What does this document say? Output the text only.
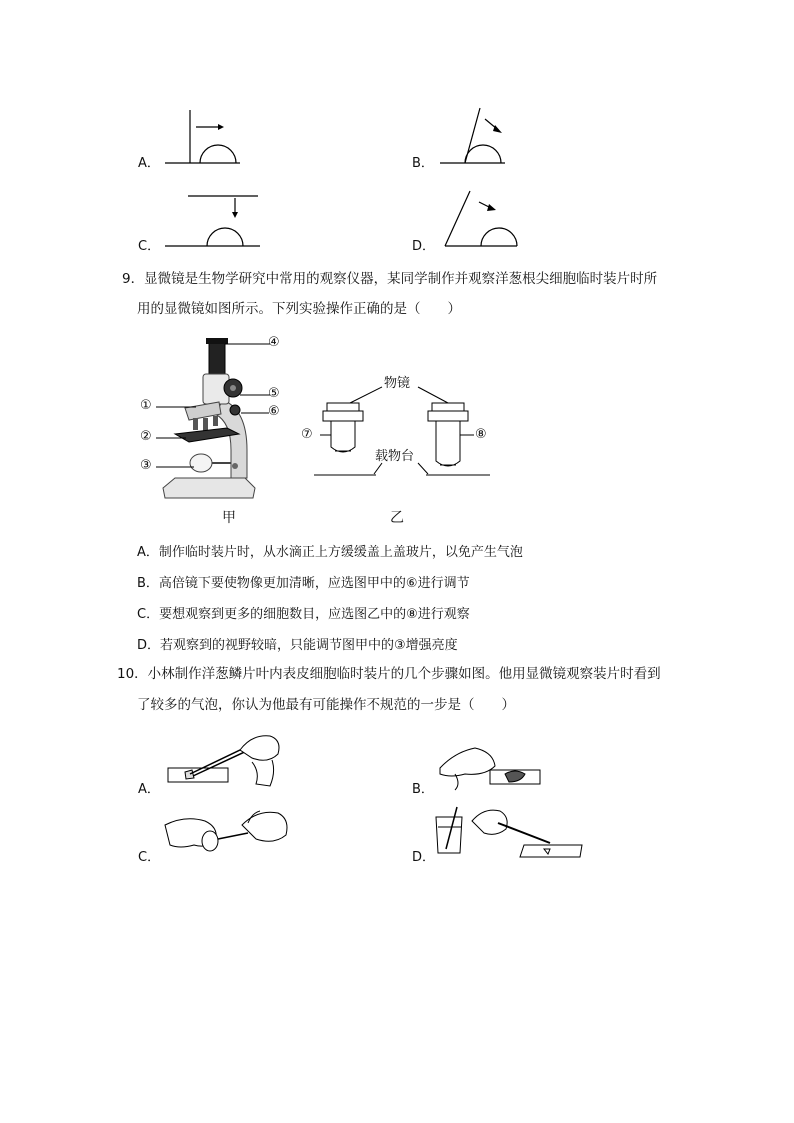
A．	B．
C．	D．
9．显微镜是生物学研究中常用的观察仪器，某同学制作并观察洋葱根尖细胞临时装片时所
用的显微镜如图所示。下列实验操作正确的是（　　）
④
⑤
⑥
①
②
③
甲
物镜
载物台
⑦	⑧
乙
A．制作临时装片时，从水滴正上方缓缓盖上盖玻片，以免产生气泡
B．高倍镜下要使物像更加清晰，应选图甲中的⑥进行调节
C．要想观察到更多的细胞数目，应选图乙中的⑧进行观察
D．若观察到的视野较暗，只能调节图甲中的③增强亮度
10．小林制作洋葱鳞片叶内表皮细胞临时装片的几个步骤如图。他用显微镜观察装片时看到
了较多的气泡，你认为他最有可能操作不规范的一步是（　　）
A．	B．
C．	D．
